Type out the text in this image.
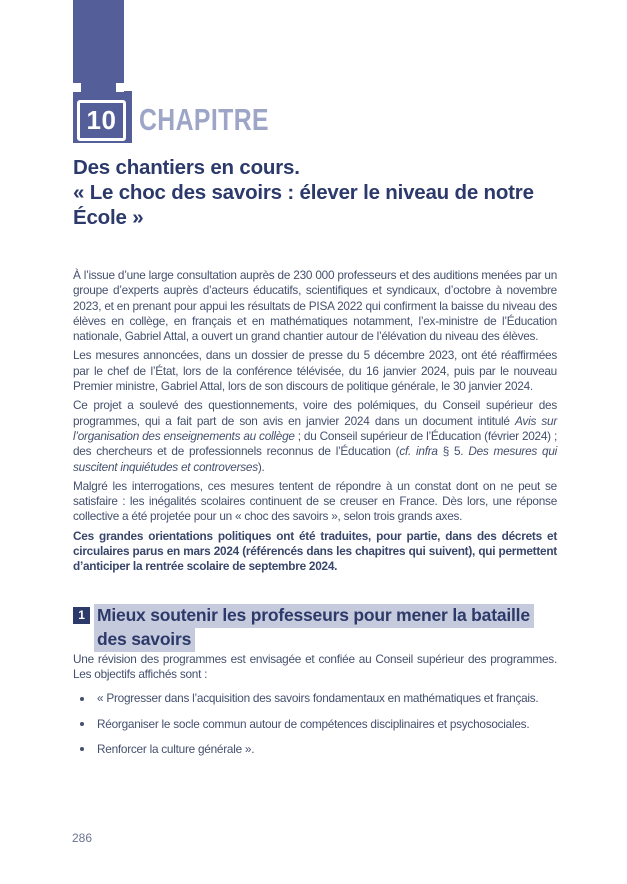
10 CHAPITRE
Des chantiers en cours.
« Le choc des savoirs : élever le niveau de notre
École »

À l’issue d’une large consultation auprès de 230 000 professeurs et des auditions menées par un groupe d’experts auprès d’acteurs éducatifs, scientifiques et syndicaux, d’octobre à novembre 2023, et en prenant pour appui les résultats de PISA 2022 qui confirment la baisse du niveau des élèves en collège, en français et en mathématiques notamment, l’ex-ministre de l’Éducation nationale, Gabriel Attal, a ouvert un grand chantier autour de l’élévation du niveau des élèves.

Les mesures annoncées, dans un dossier de presse du 5 décembre 2023, ont été réaffirmées par le chef de l’État, lors de la conférence télévisée, du 16 janvier 2024, puis par le nouveau Premier ministre, Gabriel Attal, lors de son discours de politique générale, le 30 janvier 2024.

Ce projet a soulevé des questionnements, voire des polémiques, du Conseil supérieur des programmes, qui a fait part de son avis en janvier 2024 dans un document intitulé Avis sur l’organisation des enseignements au collège ; du Conseil supérieur de l’Éducation (février 2024) ; des chercheurs et de professionnels reconnus de l’Éducation (cf. infra § 5. Des mesures qui suscitent inquiétudes et controverses).

Malgré les interrogations, ces mesures tentent de répondre à un constat dont on ne peut se satisfaire : les inégalités scolaires continuent de se creuser en France. Dès lors, une réponse collective a été projetée pour un « choc des savoirs », selon trois grands axes.

Ces grandes orientations politiques ont été traduites, pour partie, dans des décrets et circulaires parus en mars 2024 (référencés dans les chapitres qui suivent), qui permettent d’anticiper la rentrée scolaire de septembre 2024.

1 Mieux soutenir les professeurs pour mener la bataille
des savoirs

Une révision des programmes est envisagée et confiée au Conseil supérieur des programmes. Les objectifs affichés sont :

« Progresser dans l’acquisition des savoirs fondamentaux en mathématiques et français.
Réorganiser le socle commun autour de compétences disciplinaires et psychosociales.
Renforcer la culture générale ».
286
